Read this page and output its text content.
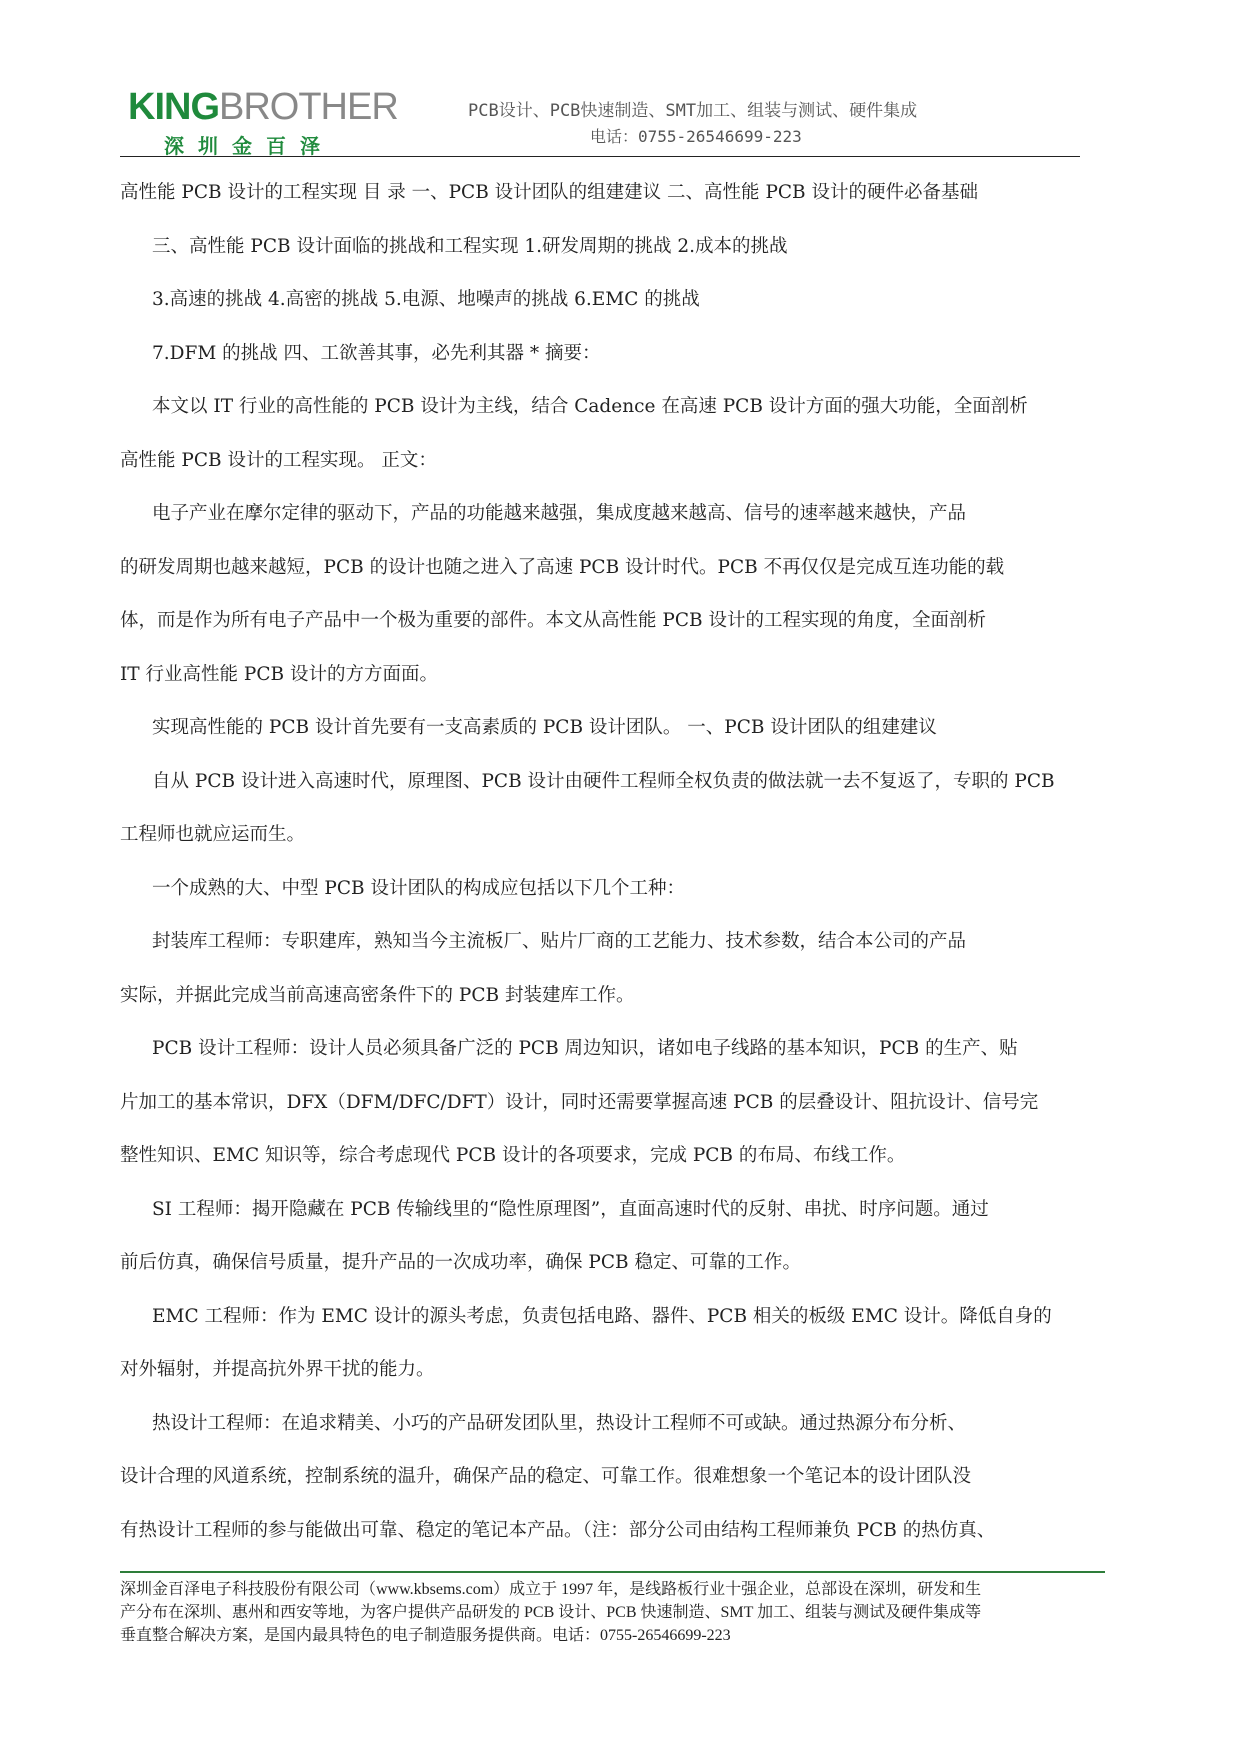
KINGBROTHER
深圳金百泽
PCB设计、PCB快速制造、SMT加工、组装与测试、硬件集成
电话：0755-26546699-223
高性能 PCB 设计的工程实现 目 录 一、PCB 设计团队的组建建议 二、高性能 PCB 设计的硬件必备基础
三、高性能 PCB 设计面临的挑战和工程实现 1.研发周期的挑战 2.成本的挑战
3.高速的挑战 4.高密的挑战 5.电源、地噪声的挑战 6.EMC 的挑战
7.DFM 的挑战 四、工欲善其事，必先利其器 * 摘要：
本文以 IT 行业的高性能的 PCB 设计为主线，结合 Cadence 在高速 PCB 设计方面的强大功能，全面剖析
高性能 PCB 设计的工程实现。 正文：
电子产业在摩尔定律的驱动下，产品的功能越来越强，集成度越来越高、信号的速率越来越快，产品
的研发周期也越来越短，PCB 的设计也随之进入了高速 PCB 设计时代。PCB 不再仅仅是完成互连功能的载
体，而是作为所有电子产品中一个极为重要的部件。本文从高性能 PCB 设计的工程实现的角度，全面剖析
IT 行业高性能 PCB 设计的方方面面。
实现高性能的 PCB 设计首先要有一支高素质的 PCB 设计团队。 一、PCB 设计团队的组建建议
自从 PCB 设计进入高速时代，原理图、PCB 设计由硬件工程师全权负责的做法就一去不复返了，专职的 PCB
工程师也就应运而生。
一个成熟的大、中型 PCB 设计团队的构成应包括以下几个工种：
封装库工程师：专职建库，熟知当今主流板厂、贴片厂商的工艺能力、技术参数，结合本公司的产品
实际，并据此完成当前高速高密条件下的 PCB 封装建库工作。
PCB 设计工程师：设计人员必须具备广泛的 PCB 周边知识，诸如电子线路的基本知识，PCB 的生产、贴
片加工的基本常识，DFX（DFM/DFC/DFT）设计，同时还需要掌握高速 PCB 的层叠设计、阻抗设计、信号完
整性知识、EMC 知识等，综合考虑现代 PCB 设计的各项要求，完成 PCB 的布局、布线工作。
SI 工程师：揭开隐藏在 PCB 传输线里的“隐性原理图”，直面高速时代的反射、串扰、时序问题。通过
前后仿真，确保信号质量，提升产品的一次成功率，确保 PCB 稳定、可靠的工作。
EMC 工程师：作为 EMC 设计的源头考虑，负责包括电路、器件、PCB 相关的板级 EMC 设计。降低自身的
对外辐射，并提高抗外界干扰的能力。
热设计工程师：在追求精美、小巧的产品研发团队里，热设计工程师不可或缺。通过热源分布分析、
设计合理的风道系统，控制系统的温升，确保产品的稳定、可靠工作。很难想象一个笔记本的设计团队没
有热设计工程师的参与能做出可靠、稳定的笔记本产品。（注：部分公司由结构工程师兼负 PCB 的热仿真、
深圳金百泽电子科技股份有限公司（www.kbsems.com）成立于 1997 年，是线路板行业十强企业，总部设在深圳，研发和生
产分布在深圳、惠州和西安等地，为客户提供产品研发的 PCB 设计、PCB 快速制造、SMT 加工、组装与测试及硬件集成等
垂直整合解决方案，是国内最具特色的电子制造服务提供商。电话：0755-26546699-223
